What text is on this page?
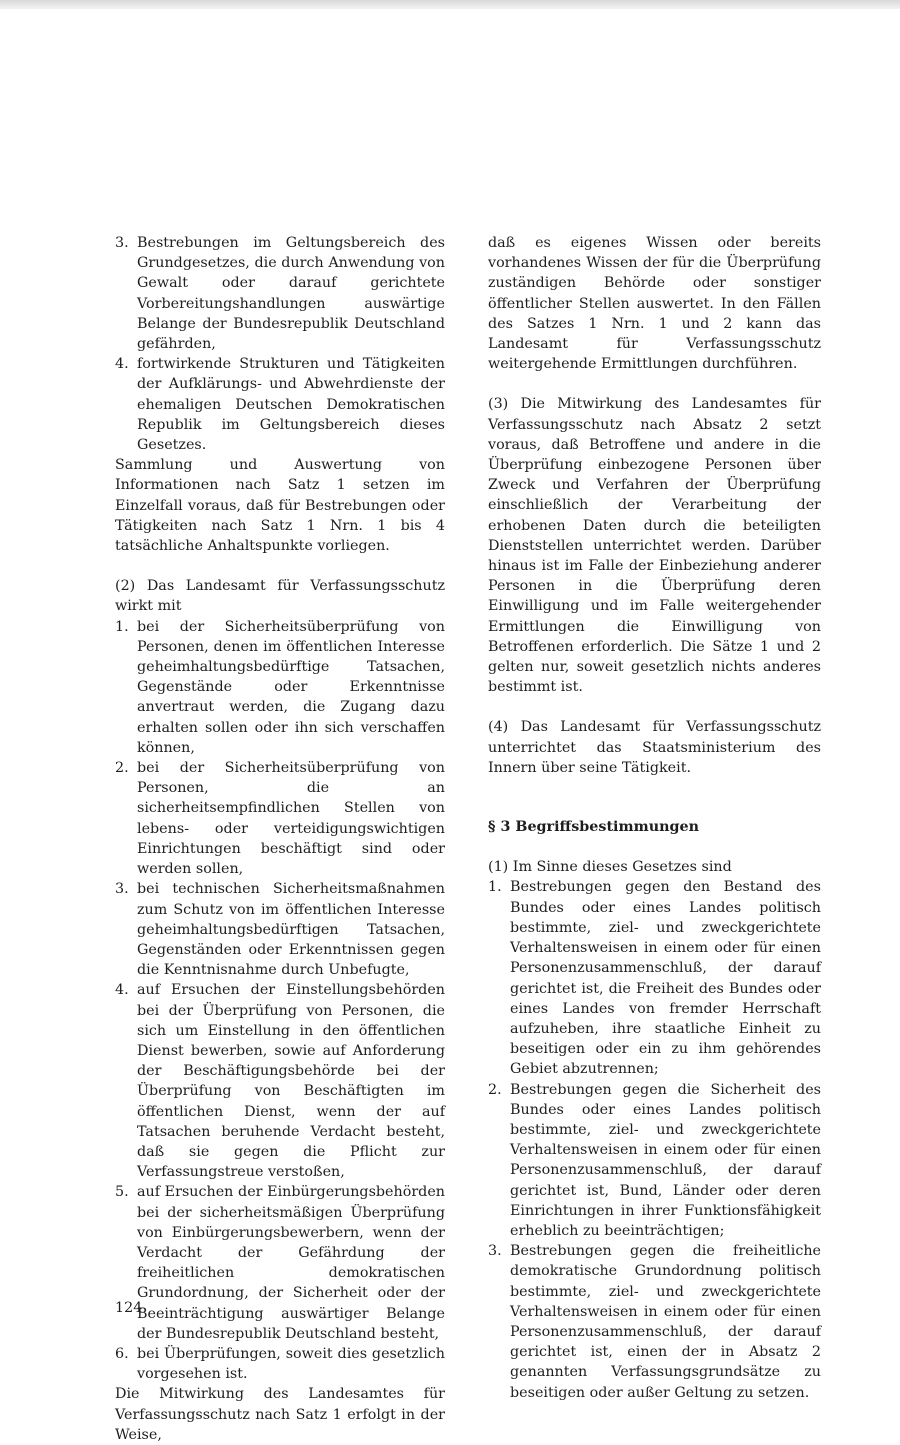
3. Bestrebungen im Geltungsbereich des Grundgesetzes, die durch Anwendung von Gewalt oder darauf gerichtete Vorbereitungshandlungen auswärtige Belange der Bundesrepublik Deutschland gefährden,
4. fortwirkende Strukturen und Tätigkeiten der Aufklärungs- und Abwehrdienste der ehemaligen Deutschen Demokratischen Republik im Geltungsbereich dieses Gesetzes.

Sammlung und Auswertung von Informationen nach Satz 1 setzen im Einzelfall voraus, daß für Bestrebungen oder Tätigkeiten nach Satz 1 Nrn. 1 bis 4 tatsächliche Anhaltspunkte vorliegen.

(2) Das Landesamt für Verfassungsschutz wirkt mit

1. bei der Sicherheitsüberprüfung von Personen, denen im öffentlichen Interesse geheimhaltungsbedürftige Tatsachen, Gegenstände oder Erkenntnisse anvertraut werden, die Zugang dazu erhalten sollen oder ihn sich verschaffen können,
2. bei der Sicherheitsüberprüfung von Personen, die an sicherheitsempfindlichen Stellen von lebens- oder verteidigungswichtigen Einrichtungen beschäftigt sind oder werden sollen,
3. bei technischen Sicherheitsmaßnahmen zum Schutz von im öffentlichen Interesse geheimhaltungsbedürftigen Tatsachen, Gegenständen oder Erkenntnissen gegen die Kenntnisnahme durch Unbefugte,
4. auf Ersuchen der Einstellungsbehörden bei der Überprüfung von Personen, die sich um Einstellung in den öffentlichen Dienst bewerben, sowie auf Anforderung der Beschäftigungsbehörde bei der Überprüfung von Beschäftigten im öffentlichen Dienst, wenn der auf Tatsachen beruhende Verdacht besteht, daß sie gegen die Pflicht zur Verfassungstreue verstoßen,
5. auf Ersuchen der Einbürgerungsbehörden bei der sicherheitsmäßigen Überprüfung von Einbürgerungsbewerbern, wenn der Verdacht der Gefährdung der freiheitlichen demokratischen Grundordnung, der Sicherheit oder der Beeinträchtigung auswärtiger Belange der Bundesrepublik Deutschland besteht,
6. bei Überprüfungen, soweit dies gesetzlich vorgesehen ist.

Die Mitwirkung des Landesamtes für Verfassungsschutz nach Satz 1 erfolgt in der Weise,

daß es eigenes Wissen oder bereits vorhandenes Wissen der für die Überprüfung zuständigen Behörde oder sonstiger öffentlicher Stellen auswertet. In den Fällen des Satzes 1 Nrn. 1 und 2 kann das Landesamt für Verfassungsschutz weitergehende Ermittlungen durchführen.

(3) Die Mitwirkung des Landesamtes für Verfassungsschutz nach Absatz 2 setzt voraus, daß Betroffene und andere in die Überprüfung einbezogene Personen über Zweck und Verfahren der Überprüfung einschließlich der Verarbeitung der erhobenen Daten durch die beteiligten Dienststellen unterrichtet werden. Darüber hinaus ist im Falle der Einbeziehung anderer Personen in die Überprüfung deren Einwilligung und im Falle weitergehender Ermittlungen die Einwilligung von Betroffenen erforderlich. Die Sätze 1 und 2 gelten nur, soweit gesetzlich nichts anderes bestimmt ist.

(4) Das Landesamt für Verfassungsschutz unterrichtet das Staatsministerium des Innern über seine Tätigkeit.

§ 3 Begriffsbestimmungen

(1) Im Sinne dieses Gesetzes sind

1. Bestrebungen gegen den Bestand des Bundes oder eines Landes politisch bestimmte, ziel- und zweckgerichtete Verhaltensweisen in einem oder für einen Personenzusammenschluß, der darauf gerichtet ist, die Freiheit des Bundes oder eines Landes von fremder Herrschaft aufzuheben, ihre staatliche Einheit zu beseitigen oder ein zu ihm gehörendes Gebiet abzutrennen;
2. Bestrebungen gegen die Sicherheit des Bundes oder eines Landes politisch bestimmte, ziel- und zweckgerichtete Verhaltensweisen in einem oder für einen Personenzusammenschluß, der darauf gerichtet ist, Bund, Länder oder deren Einrichtungen in ihrer Funktionsfähigkeit erheblich zu beeinträchtigen;
3. Bestrebungen gegen die freiheitliche demokratische Grundordnung politisch bestimmte, ziel- und zweckgerichtete Verhaltensweisen in einem oder für einen Personenzusammenschluß, der darauf gerichtet ist, einen der in Absatz 2 genannten Verfassungsgrundsätze zu beseitigen oder außer Geltung zu setzen.
124
